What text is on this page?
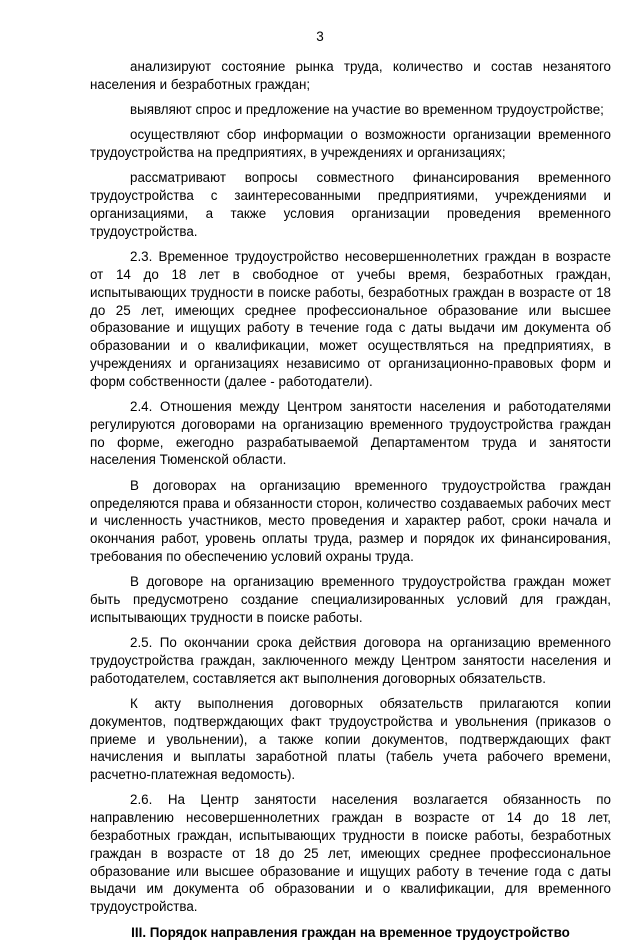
3

анализируют состояние рынка труда, количество и состав незанятого населения и безработных граждан;

выявляют спрос и предложение на участие во временном трудоустройстве;

осуществляют сбор информации о возможности организации временного трудоустройства на предприятиях, в учреждениях и организациях;

рассматривают вопросы совместного финансирования временного трудоустройства с заинтересованными предприятиями, учреждениями и организациями, а также условия организации проведения временного трудоустройства.

2.3. Временное трудоустройство несовершеннолетних граждан в возрасте от 14 до 18 лет в свободное от учебы время, безработных граждан, испытывающих трудности в поиске работы, безработных граждан в возрасте от 18 до 25 лет, имеющих среднее профессиональное образование или высшее образование и ищущих работу в течение года с даты выдачи им документа об образовании и о квалификации, может осуществляться на предприятиях, в учреждениях и организациях независимо от организационно-правовых форм и форм собственности (далее - работодатели).

2.4. Отношения между Центром занятости населения и работодателями регулируются договорами на организацию временного трудоустройства граждан по форме, ежегодно разрабатываемой Департаментом труда и занятости населения Тюменской области.

В договорах на организацию временного трудоустройства граждан определяются права и обязанности сторон, количество создаваемых рабочих мест и численность участников, место проведения и характер работ, сроки начала и окончания работ, уровень оплаты труда, размер и порядок их финансирования, требования по обеспечению условий охраны труда.

В договоре на организацию временного трудоустройства граждан может быть предусмотрено создание специализированных условий для граждан, испытывающих трудности в поиске работы.

2.5. По окончании срока действия договора на организацию временного трудоустройства граждан, заключенного между Центром занятости населения и работодателем, составляется акт выполнения договорных обязательств.

К акту выполнения договорных обязательств прилагаются копии документов, подтверждающих факт трудоустройства и увольнения (приказов о приеме и увольнении), а также копии документов, подтверждающих факт начисления и выплаты заработной платы (табель учета рабочего времени, расчетно-платежная ведомость).

2.6. На Центр занятости населения возлагается обязанность по направлению несовершеннолетних граждан в возрасте от 14 до 18 лет, безработных граждан, испытывающих трудности в поиске работы, безработных граждан в возрасте от 18 до 25 лет, имеющих среднее профессиональное образование или высшее образование и ищущих работу в течение года с даты выдачи им документа об образовании и о квалификации, для временного трудоустройства.

III. Порядок направления граждан на временное трудоустройство
